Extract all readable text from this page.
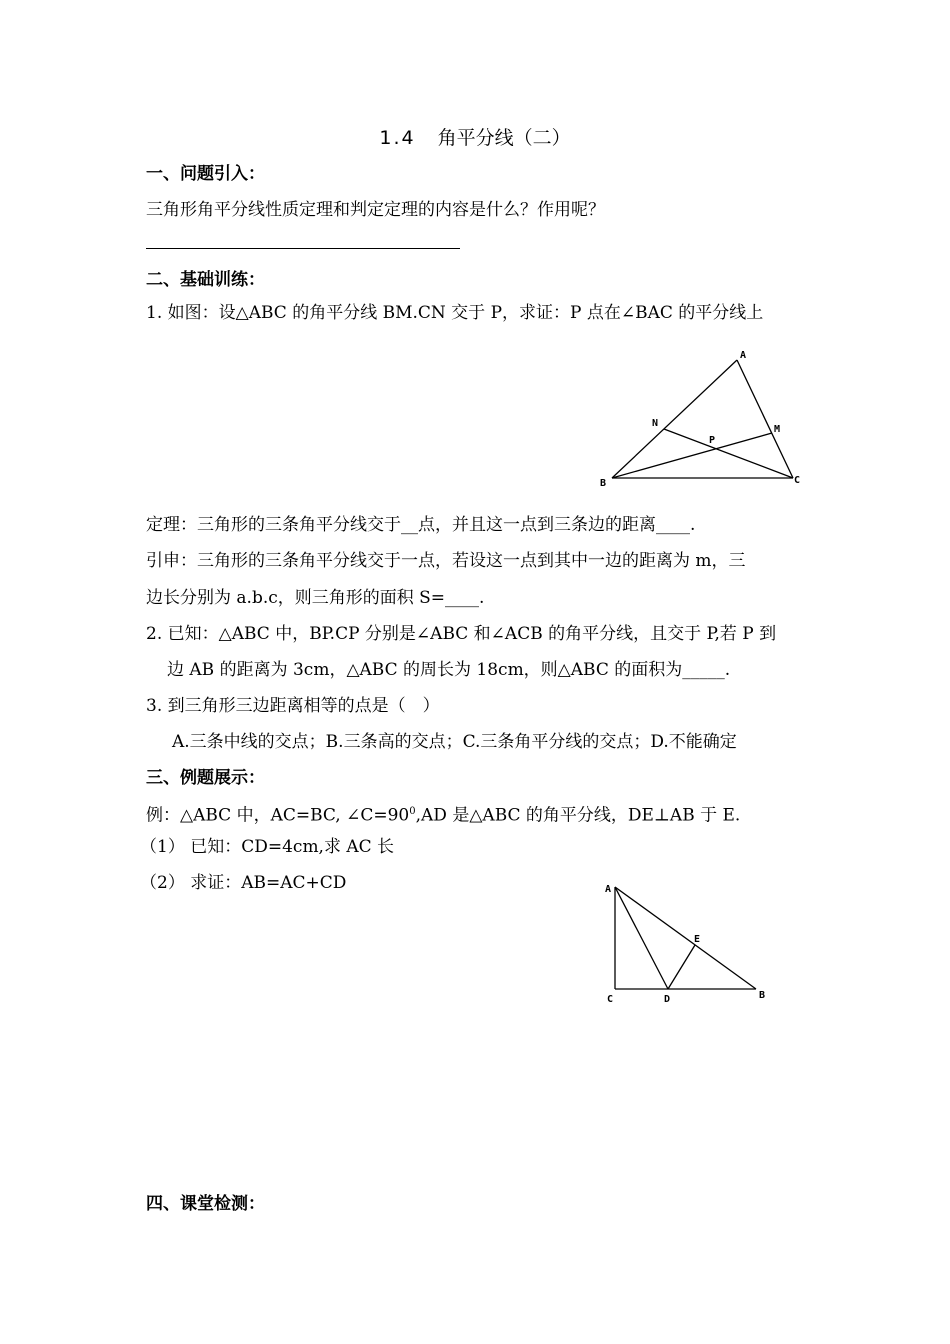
1.4 角平分线（二）
一、问题引入：
三角形角平分线性质定理和判定定理的内容是什么？作用呢？
二、基础训练：
1. 如图：设△ABC 的角平分线 BM.CN 交于 P，求证：P 点在∠BAC 的平分线上
A
N
M
P
B	C
定理：三角形的三条角平分线交于__点，并且这一点到三条边的距离____.
引申：三角形的三条角平分线交于一点，若设这一点到其中一边的距离为 m，三
边长分别为 a.b.c，则三角形的面积 S=____.
2. 已知：△ABC 中，BP.CP 分别是∠ABC 和∠ACB 的角平分线，且交于 P,若 P 到
边 AB 的距离为 3cm，△ABC 的周长为 18cm，则△ABC 的面积为_____.
3. 到三角形三边距离相等的点是（　）
A.三条中线的交点；B.三条高的交点；C.三条角平分线的交点；D.不能确定
三、例题展示：
例：△ABC 中，AC=BC, $\angle C=90^0,AD$ 是△ABC 的角平分线，DE⊥AB 于 E.
（1） 已知：CD=4cm,求 AC 长
（2） 求证：AB=AC+CD	A
E
C	D	B
四、课堂检测：
